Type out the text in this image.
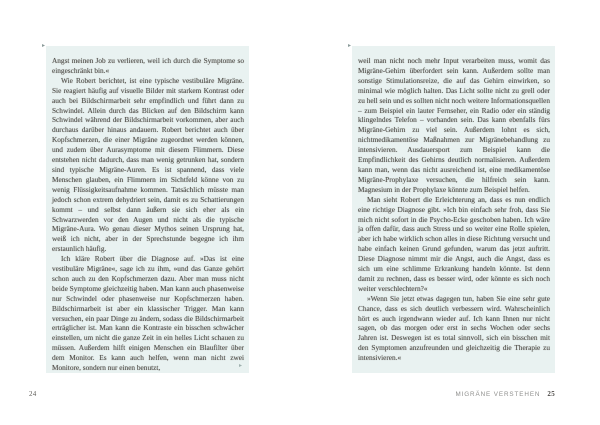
▸

Angst meinen Job zu verlieren, weil ich durch die Symptome so eingeschränkt bin.«

Wie Robert berichtet, ist eine typische vestibuläre Migräne. Sie reagiert häufig auf visuelle Bilder mit starkem Kontrast oder auch bei Bildschirmarbeit sehr empfindlich und führt dann zu Schwindel. Allein durch das Blicken auf den Bildschirm kann Schwindel während der Bildschirmarbeit vorkommen, aber auch durchaus darüber hinaus andauern. Robert berichtet auch über Kopfschmerzen, die einer Migräne zugeordnet werden können, und zudem über Aurasymptome mit diesem Flimmern. Diese entstehen nicht dadurch, dass man wenig getrunken hat, sondern sind typische Migräne-Auren. Es ist spannend, dass viele Menschen glauben, ein Flimmern im Sichtfeld könne von zu wenig Flüssigkeitsaufnahme kommen. Tatsächlich müsste man jedoch schon extrem dehydriert sein, damit es zu Schattierungen kommt – und selbst dann äußern sie sich eher als ein Schwarzwerden vor den Augen und nicht als die typische Migräne-Aura. Wo genau dieser Mythos seinen Ursprung hat, weiß ich nicht, aber in der Sprechstunde begegne ich ihm erstaunlich häufig.

Ich kläre Robert über die Diagnose auf. »Das ist eine vestibuläre Migräne«, sage ich zu ihm, »und das Ganze gehört schon auch zu den Kopfschmerzen dazu. Aber man muss nicht beide Symptome gleichzeitig haben. Man kann auch phasenweise nur Schwindel oder phasenweise nur Kopfschmerzen haben. Bildschirmarbeit ist aber ein klassischer Trigger. Man kann versuchen, ein paar Dinge zu ändern, sodass die Bildschirmarbeit erträglicher ist. Man kann die Kontraste ein bisschen schwächer einstellen, um nicht die ganze Zeit in ein helles Licht schauen zu müssen. Außerdem hilft einigen Menschen ein Blaufilter über dem Monitor. Es kann auch helfen, wenn man nicht zwei Monitore, sondern nur einen benutzt,	▸
▸

weil man nicht noch mehr Input verarbeiten muss, womit das Migräne-Gehirn überfordert sein kann. Außerdem sollte man sonstige Stimulationsreize, die auf das Gehirn einwirken, so minimal wie möglich halten. Das Licht sollte nicht zu grell oder zu hell sein und es sollten nicht noch weitere Informationsquellen – zum Beispiel ein lauter Fernseher, ein Radio oder ein ständig klingelndes Telefon – vorhanden sein. Das kann ebenfalls fürs Migräne-Gehirn zu viel sein. Außerdem lohnt es sich, nichtmedikamentöse Maßnahmen zur Migränebehandlung zu intensivieren. Ausdauersport zum Beispiel kann die Empfindlichkeit des Gehirns deutlich normalisieren. Außerdem kann man, wenn das nicht ausreichend ist, eine medikamentöse Migräne-Prophylaxe versuchen, die hilfreich sein kann. Magnesium in der Prophylaxe könnte zum Beispiel helfen.

Man sieht Robert die Erleichterung an, dass es nun endlich eine richtige Diagnose gibt. »Ich bin einfach sehr froh, dass Sie mich nicht sofort in die Psycho-Ecke geschoben haben. Ich wäre ja offen dafür, dass auch Stress und so weiter eine Rolle spielen, aber ich habe wirklich schon alles in diese Richtung versucht und habe einfach keinen Grund gefunden, warum das jetzt auftritt. Diese Diagnose nimmt mir die Angst, auch die Angst, dass es sich um eine schlimme Erkrankung handeln könnte. Ist denn damit zu rechnen, dass es besser wird, oder könnte es sich noch weiter verschlechtern?«

»Wenn Sie jetzt etwas dagegen tun, haben Sie eine sehr gute Chance, dass es sich deutlich verbessern wird. Wahrscheinlich hört es auch irgendwann wieder auf. Ich kann Ihnen nur nicht sagen, ob das morgen oder erst in sechs Wochen oder sechs Jahren ist. Deswegen ist es total sinnvoll, sich ein bisschen mit den Symptomen anzufreunden und gleichzeitig die Therapie zu intensivieren.«

24	MIGRÄNE VERSTEHEN 25
